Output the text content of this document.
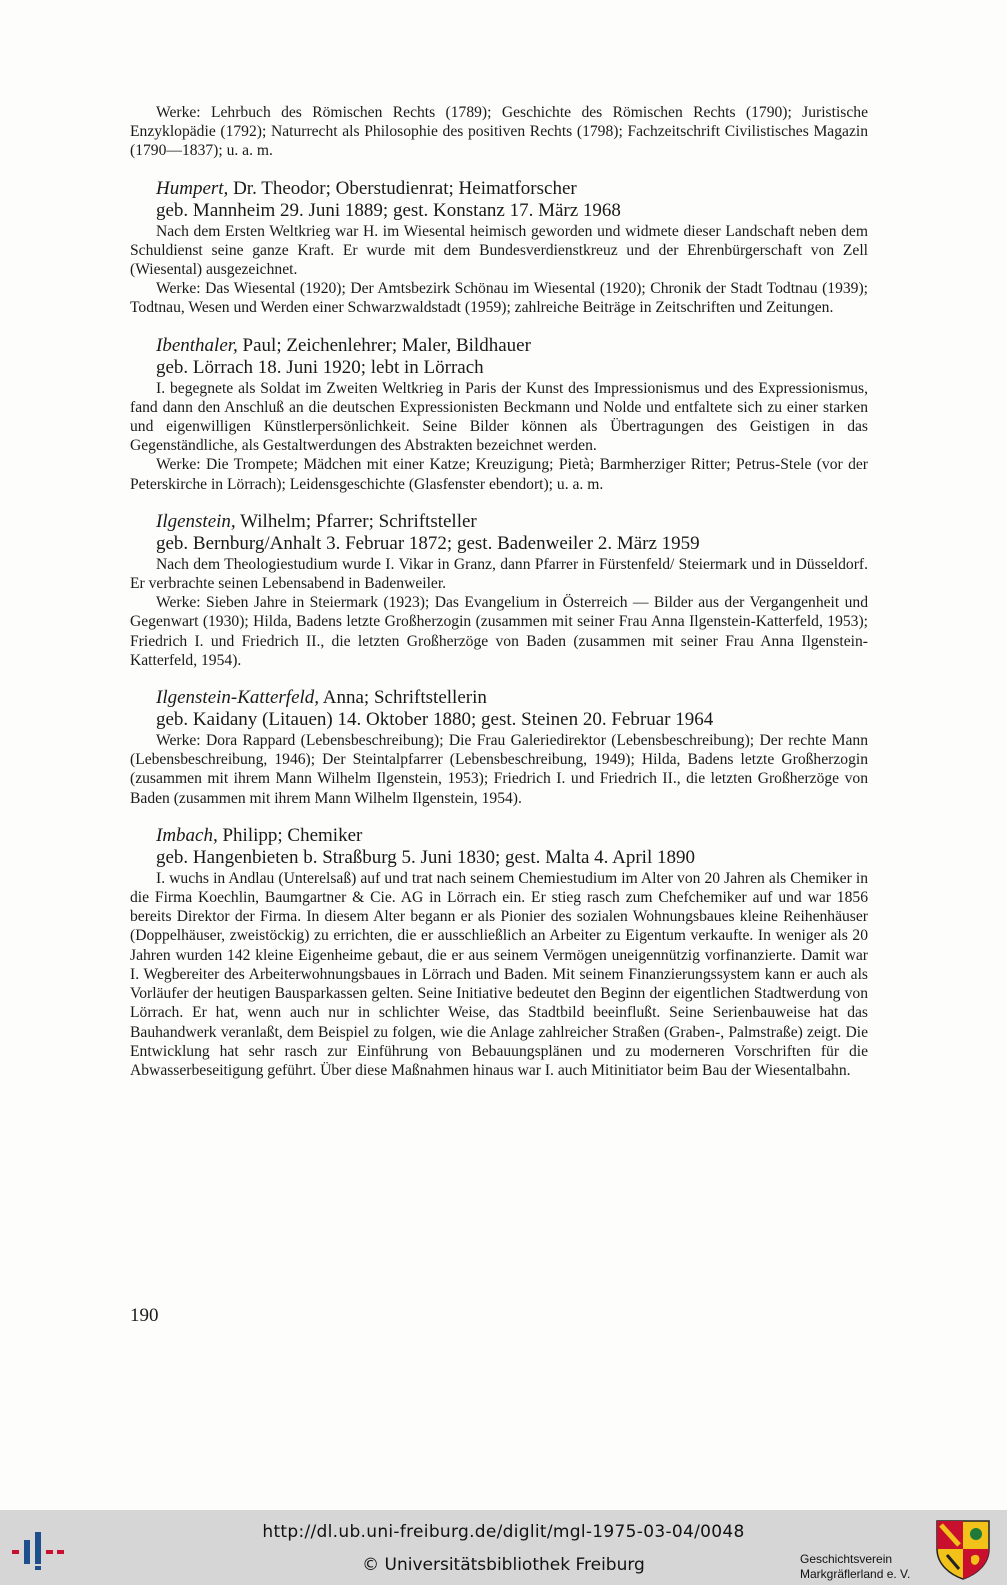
Werke: Lehrbuch des Römischen Rechts (1789); Geschichte des Römischen Rechts (1790); Juristische Enzyklopädie (1792); Naturrecht als Philosophie des positiven Rechts (1798); Fachzeitschrift Civilistisches Magazin (1790—1837); u. a. m.

Humpert, Dr. Theodor; Oberstudienrat; Heimatforscher

geb. Mannheim 29. Juni 1889; gest. Konstanz 17. März 1968

Nach dem Ersten Weltkrieg war H. im Wiesental heimisch geworden und widmete dieser Landschaft neben dem Schuldienst seine ganze Kraft. Er wurde mit dem Bundesverdienstkreuz und der Ehrenbürgerschaft von Zell (Wiesental) ausgezeichnet.

Werke: Das Wiesental (1920); Der Amtsbezirk Schönau im Wiesental (1920); Chronik der Stadt Todtnau (1939); Todtnau, Wesen und Werden einer Schwarzwaldstadt (1959); zahlreiche Beiträge in Zeitschriften und Zeitungen.

Ibenthaler, Paul; Zeichenlehrer; Maler, Bildhauer

geb. Lörrach 18. Juni 1920; lebt in Lörrach

I. begegnete als Soldat im Zweiten Weltkrieg in Paris der Kunst des Impressionismus und des Expressionismus, fand dann den Anschluß an die deutschen Expressionisten Beckmann und Nolde und entfaltete sich zu einer starken und eigenwilligen Künstlerpersönlichkeit. Seine Bilder können als Übertragungen des Geistigen in das Gegenständliche, als Gestaltwerdungen des Abstrakten bezeichnet werden.

Werke: Die Trompete; Mädchen mit einer Katze; Kreuzigung; Pietà; Barmherziger Ritter; Petrus-Stele (vor der Peterskirche in Lörrach); Leidensgeschichte (Glasfenster ebendort); u. a. m.

Ilgenstein, Wilhelm; Pfarrer; Schriftsteller

geb. Bernburg/Anhalt 3. Februar 1872; gest. Badenweiler 2. März 1959

Nach dem Theologiestudium wurde I. Vikar in Granz, dann Pfarrer in Fürstenfeld/ Steiermark und in Düsseldorf. Er verbrachte seinen Lebensabend in Badenweiler.

Werke: Sieben Jahre in Steiermark (1923); Das Evangelium in Österreich — Bilder aus der Vergangenheit und Gegenwart (1930); Hilda, Badens letzte Großherzogin (zusammen mit seiner Frau Anna Ilgenstein-Katterfeld, 1953); Friedrich I. und Friedrich II., die letzten Großherzöge von Baden (zusammen mit seiner Frau Anna Ilgenstein-Katterfeld, 1954).

Ilgenstein-Katterfeld, Anna; Schriftstellerin

geb. Kaidany (Litauen) 14. Oktober 1880; gest. Steinen 20. Februar 1964

Werke: Dora Rappard (Lebensbeschreibung); Die Frau Galeriedirektor (Lebensbeschreibung); Der rechte Mann (Lebensbeschreibung, 1946); Der Steintalpfarrer (Lebensbeschreibung, 1949); Hilda, Badens letzte Großherzogin (zusammen mit ihrem Mann Wilhelm Ilgenstein, 1953); Friedrich I. und Friedrich II., die letzten Großherzöge von Baden (zusammen mit ihrem Mann Wilhelm Ilgenstein, 1954).

Imbach, Philipp; Chemiker

geb. Hangenbieten b. Straßburg 5. Juni 1830; gest. Malta 4. April 1890

I. wuchs in Andlau (Unterelsaß) auf und trat nach seinem Chemiestudium im Alter von 20 Jahren als Chemiker in die Firma Koechlin, Baumgartner & Cie. AG in Lörrach ein. Er stieg rasch zum Chefchemiker auf und war 1856 bereits Direktor der Firma. In diesem Alter begann er als Pionier des sozialen Wohnungsbaues kleine Reihenhäuser (Doppelhäuser, zweistöckig) zu errichten, die er ausschließlich an Arbeiter zu Eigentum verkaufte. In weniger als 20 Jahren wurden 142 kleine Eigenheime gebaut, die er aus seinem Vermögen uneigennützig vorfinanzierte. Damit war I. Wegbereiter des Arbeiterwohnungsbaues in Lörrach und Baden. Mit seinem Finanzierungssystem kann er auch als Vorläufer der heutigen Bausparkassen gelten. Seine Initiative bedeutet den Beginn der eigentlichen Stadtwerdung von Lörrach. Er hat, wenn auch nur in schlichter Weise, das Stadtbild beeinflußt. Seine Serienbauweise hat das Bauhandwerk veranlaßt, dem Beispiel zu folgen, wie die Anlage zahlreicher Straßen (Graben-, Palmstraße) zeigt. Die Entwicklung hat sehr rasch zur Einführung von Bebauungsplänen und zu moderneren Vorschriften für die Abwasserbeseitigung geführt. Über diese Maßnahmen hinaus war I. auch Mitinitiator beim Bau der Wiesentalbahn.

190
http://dl.ub.uni-freiburg.de/diglit/mgl-1975-03-04/0048
© Universitätsbibliothek Freiburg	Geschichtsverein
Markgräflerland e. V.
